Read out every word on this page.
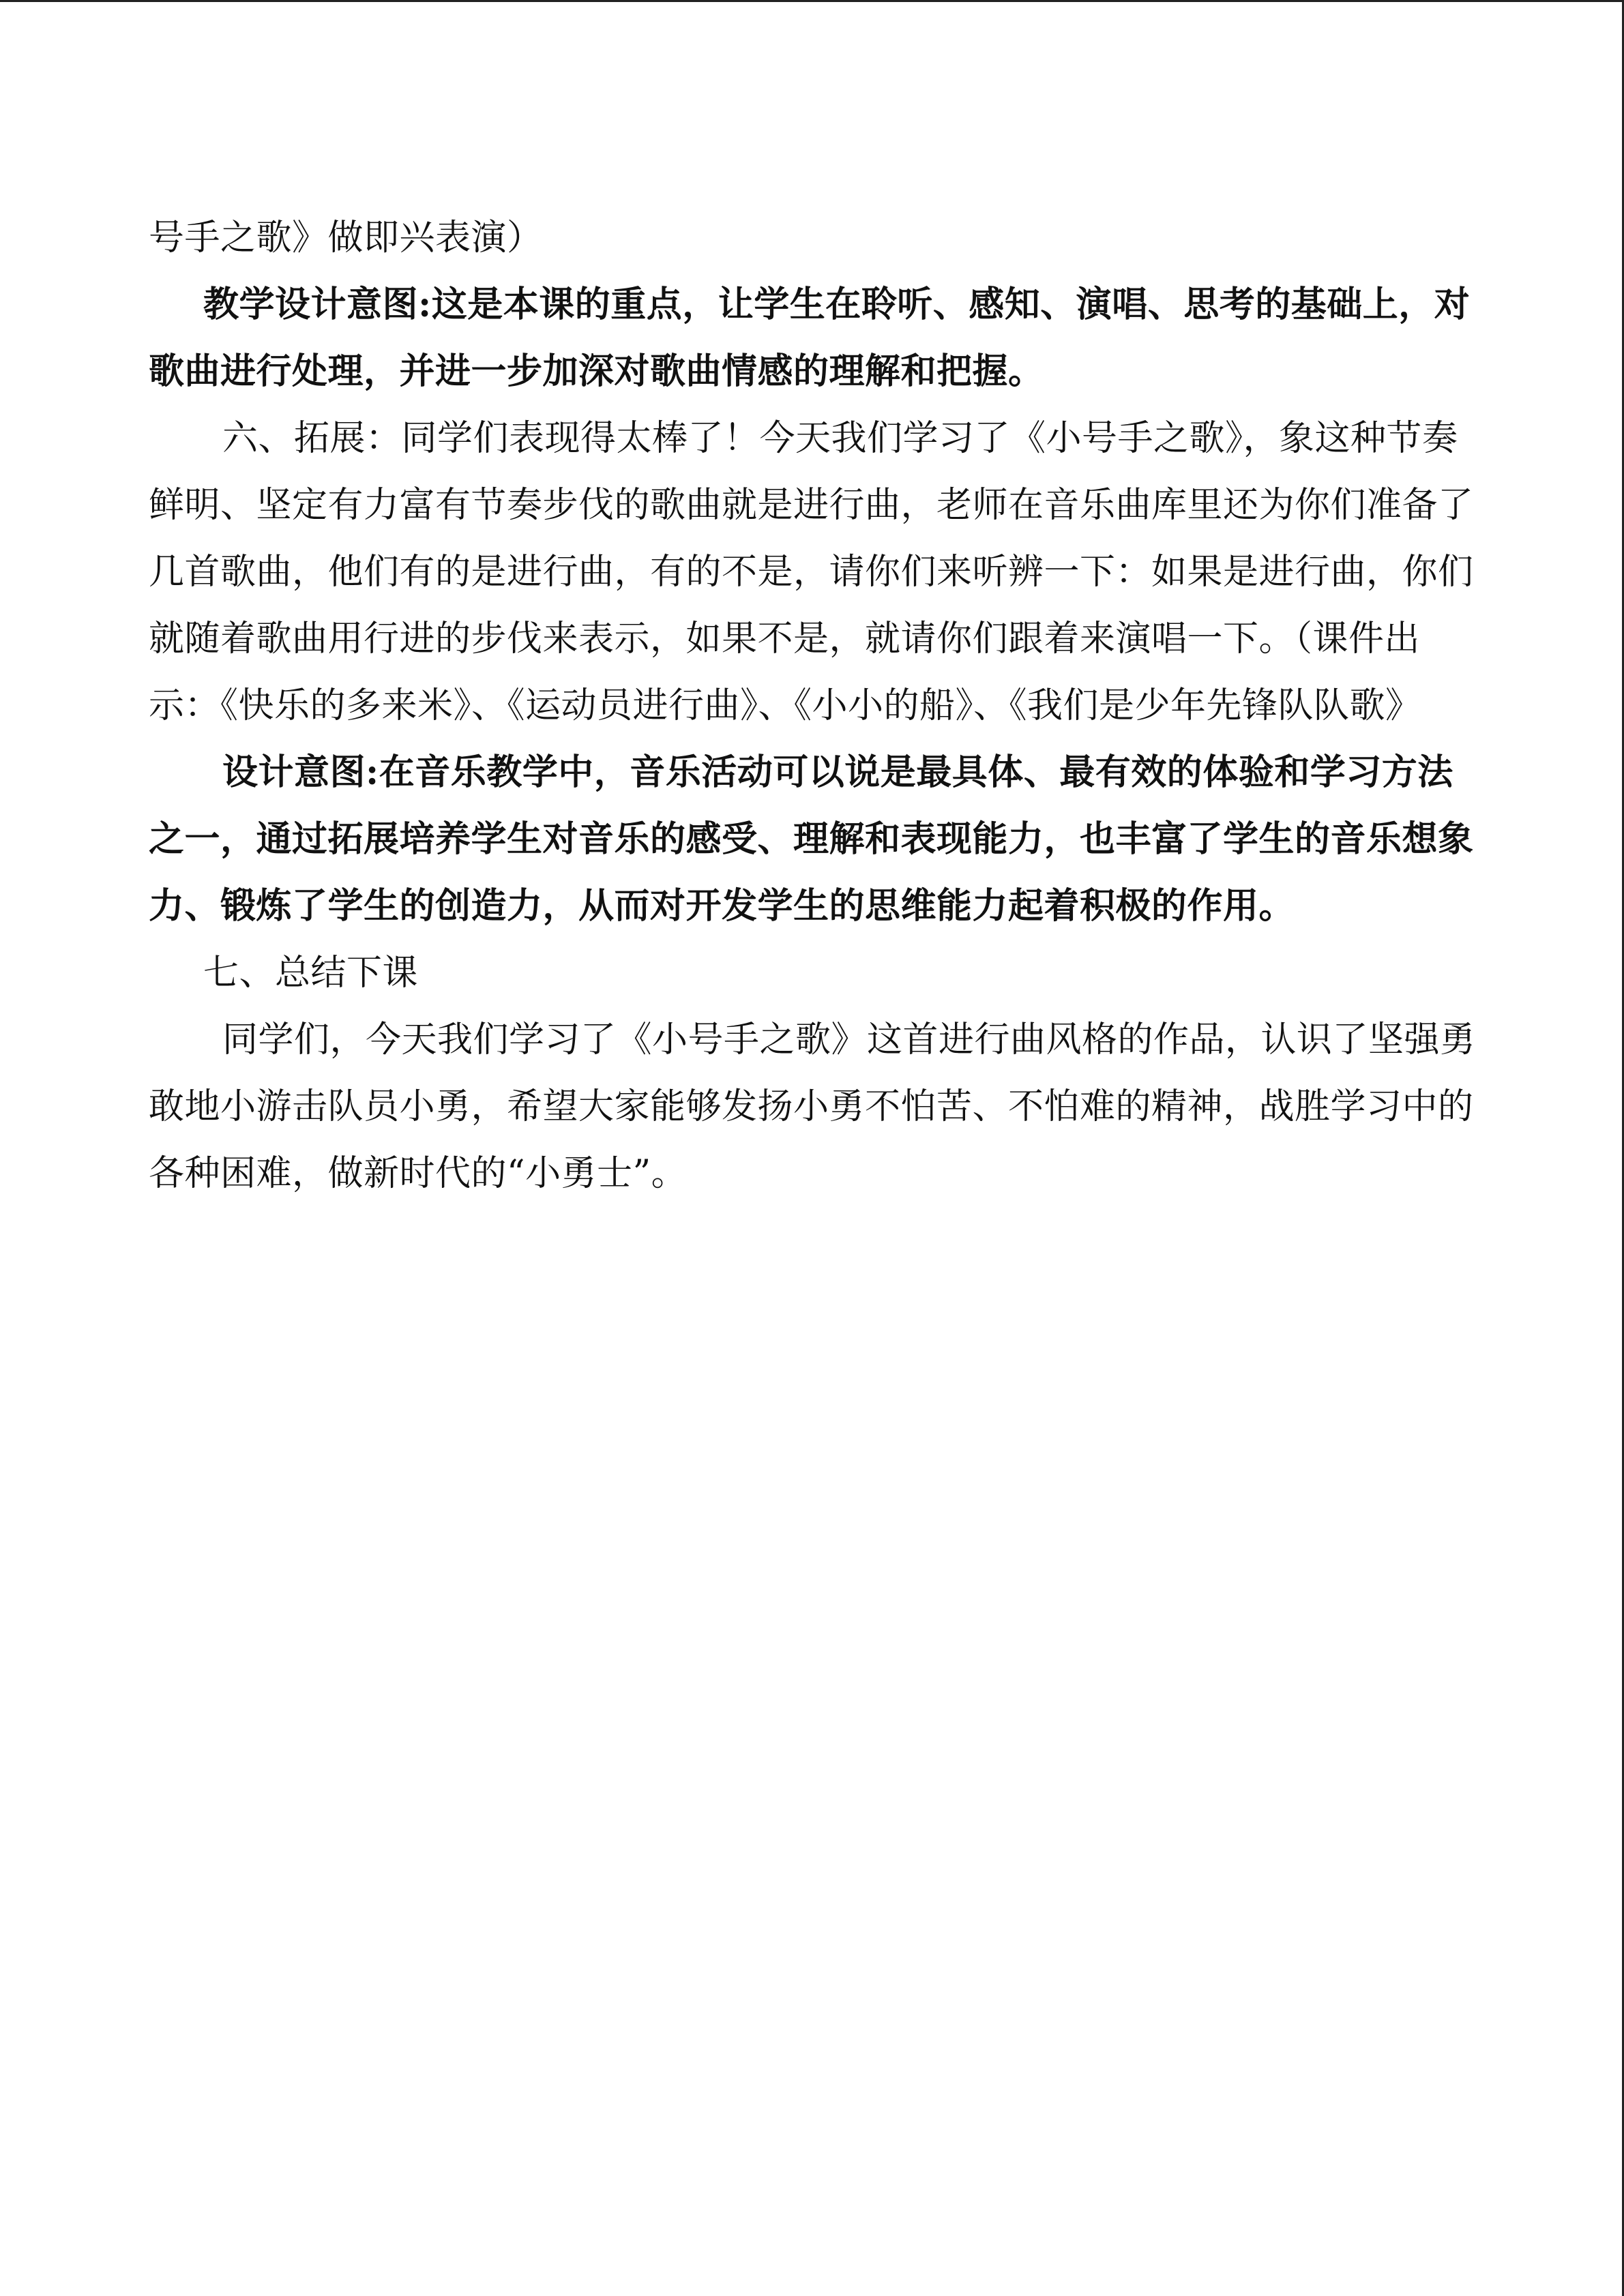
号手之歌》做即兴表演）

教学设计意图:这是本课的重点，让学生在聆听、感知、演唱、思考的基础上，对歌曲进行处理，并进一步加深对歌曲情感的理解和把握。

六、拓展：同学们表现得太棒了！今天我们学习了《小号手之歌》，象这种节奏鲜明、坚定有力富有节奏步伐的歌曲就是进行曲，老师在音乐曲库里还为你们准备了几首歌曲，他们有的是进行曲，有的不是，请你们来听辨一下：如果是进行曲，你们就随着歌曲用行进的步伐来表示，如果不是，就请你们跟着来演唱一下。（课件出示：《快乐的多来米》、《运动员进行曲》、《小小的船》、《我们是少年先锋队队歌》

设计意图:在音乐教学中，音乐活动可以说是最具体、最有效的体验和学习方法之一，通过拓展培养学生对音乐的感受、理解和表现能力，也丰富了学生的音乐想象力、锻炼了学生的创造力，从而对开发学生的思维能力起着积极的作用。

七、总结下课

同学们，今天我们学习了《小号手之歌》这首进行曲风格的作品，认识了坚强勇敢地小游击队员小勇，希望大家能够发扬小勇不怕苦、不怕难的精神，战胜学习中的各种困难，做新时代的“小勇士”。
